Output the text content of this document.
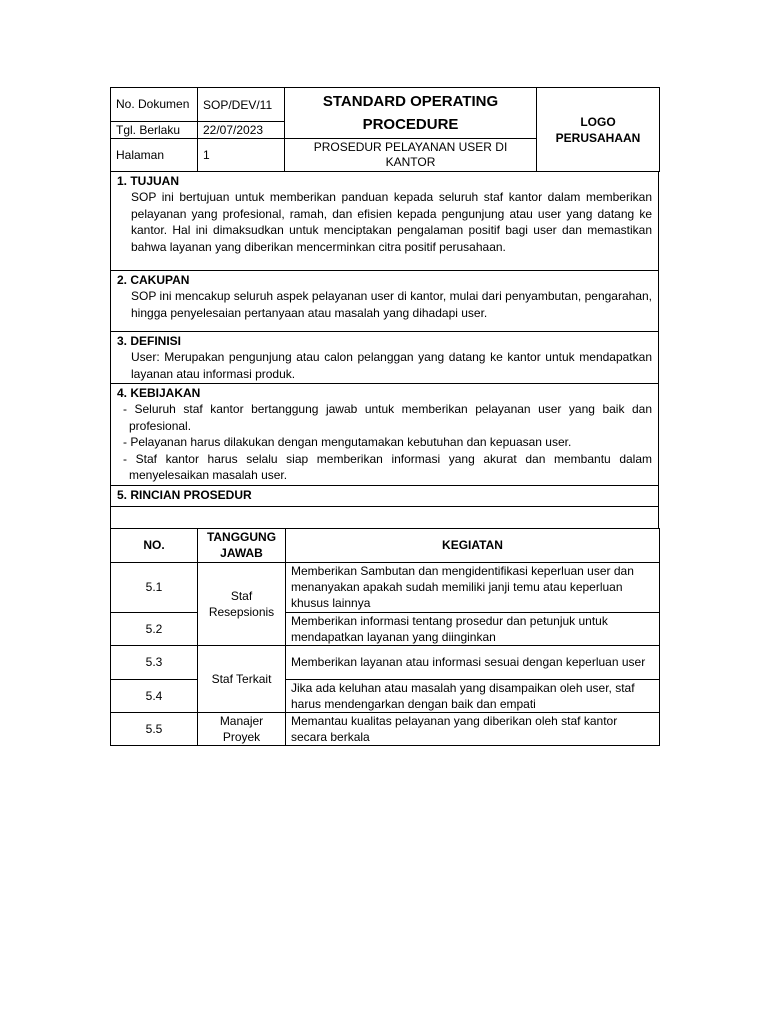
No. Dokumen	SOP/DEV/11	STANDARD OPERATING PROCEDURE	LOGO PERUSAHAAN
Tgl. Berlaku	22/07/2023		
Halaman	1	PROSEDUR PELAYANAN USER DI KANTOR	
1. TUJUAN
SOP ini bertujuan untuk memberikan panduan kepada seluruh staf kantor dalam memberikan pelayanan yang profesional, ramah, dan efisien kepada pengunjung atau user yang datang ke kantor. Hal ini dimaksudkan untuk menciptakan pengalaman positif bagi user dan memastikan bahwa layanan yang diberikan mencerminkan citra positif perusahaan.

2. CAKUPAN
SOP ini mencakup seluruh aspek pelayanan user di kantor, mulai dari penyambutan, pengarahan, hingga penyelesaian pertanyaan atau masalah yang dihadapi user.

3. DEFINISI
User: Merupakan pengunjung atau calon pelanggan yang datang ke kantor untuk mendapatkan layanan atau informasi produk.

4. KEBIJAKAN
- Seluruh staf kantor bertanggung jawab untuk memberikan pelayanan user yang baik dan profesional.
- Pelayanan harus dilakukan dengan mengutamakan kebutuhan dan kepuasan user.
- Staf kantor harus selalu siap memberikan informasi yang akurat dan membantu dalam menyelesaikan masalah user.

5. RINCIAN PROSEDUR

NO.	TANGGUNG JAWAB	KEGIATAN
5.1	Staf Resepsionis	Memberikan Sambutan dan mengidentifikasi keperluan user dan menanyakan apakah sudah memiliki janji temu atau keperluan khusus lainnya
5.2		Memberikan informasi tentang prosedur dan petunjuk untuk mendapatkan layanan yang diinginkan
5.3	Staf Terkait	Memberikan layanan atau informasi sesuai dengan keperluan user
5.4		Jika ada keluhan atau masalah yang disampaikan oleh user, staf harus mendengarkan dengan baik dan empati
5.5	Manajer Proyek	Memantau kualitas pelayanan yang diberikan oleh staf kantor secara berkala
